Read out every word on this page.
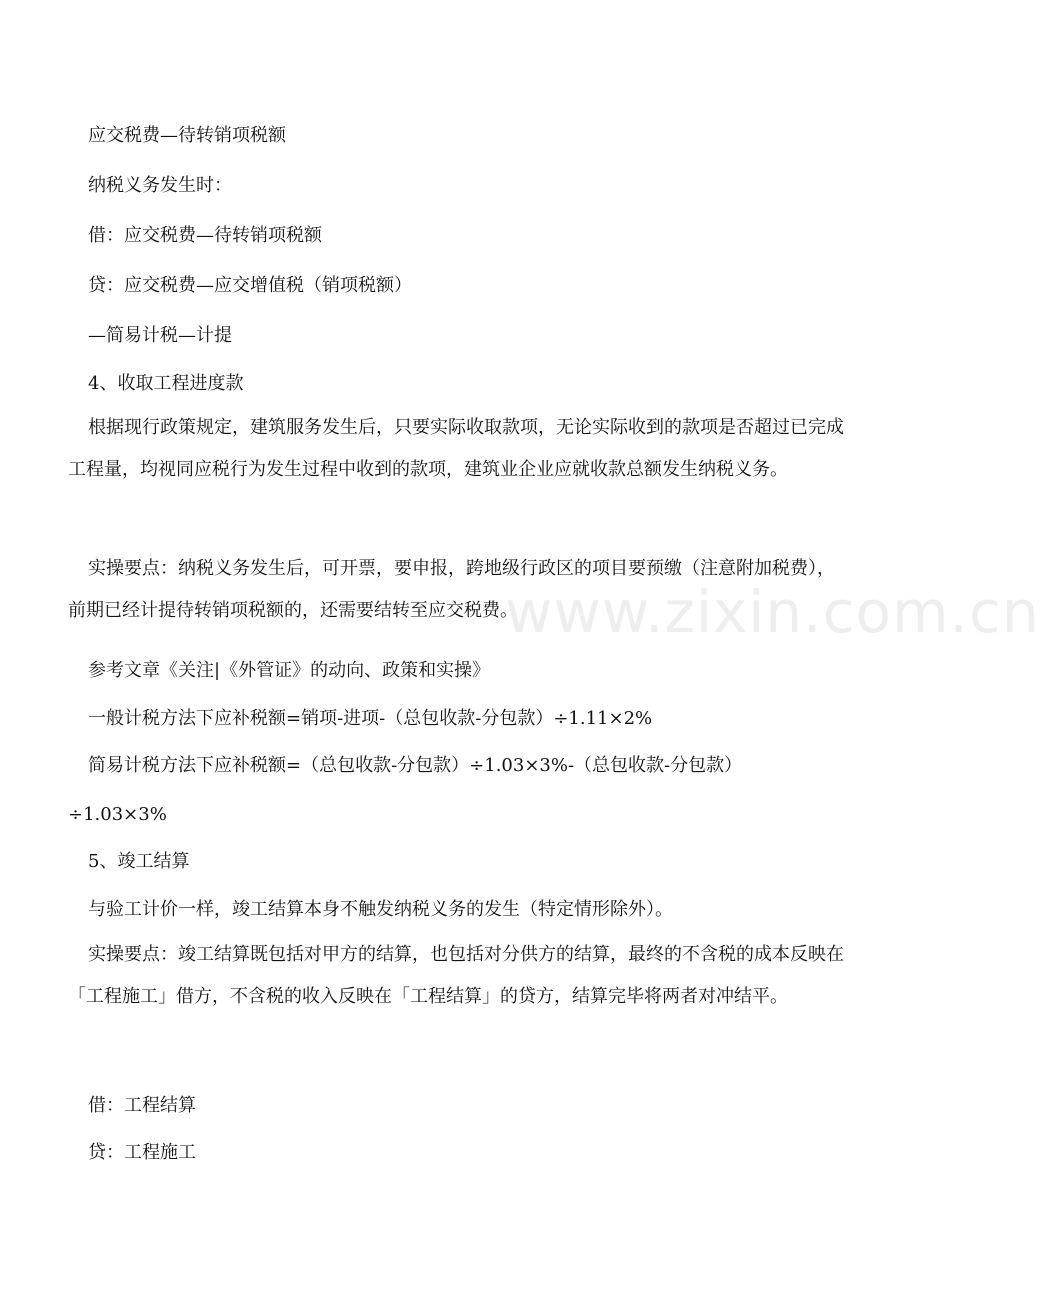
应交税费—待转销项税额
纳税义务发生时：
借：应交税费—待转销项税额
贷：应交税费—应交增值税（销项税额）
—简易计税—计提
4、收取工程进度款
根据现行政策规定，建筑服务发生后，只要实际收取款项，无论实际收到的款项是否超过已完成工程量，均视同应税行为发生过程中收到的款项，建筑业企业应就收款总额发生纳税义务。
实操要点：纳税义务发生后，可开票，要申报，跨地级行政区的项目要预缴（注意附加税费），前期已经计提待转销项税额的，还需要结转至应交税费。
参考文章《关注|《外管证》的动向、政策和实操》
一般计税方法下应补税额=销项-进项-（总包收款-分包款）÷1.11×2%
简易计税方法下应补税额=（总包收款-分包款）÷1.03×3%-（总包收款-分包款）
÷1.03×3%
5、竣工结算
与验工计价一样，竣工结算本身不触发纳税义务的发生（特定情形除外）。
实操要点：竣工结算既包括对甲方的结算，也包括对分供方的结算，最终的不含税的成本反映在「工程施工」借方，不含税的收入反映在「工程结算」的贷方，结算完毕将两者对冲结平。
借：工程结算
贷：工程施工
www.zixin.com.cn
